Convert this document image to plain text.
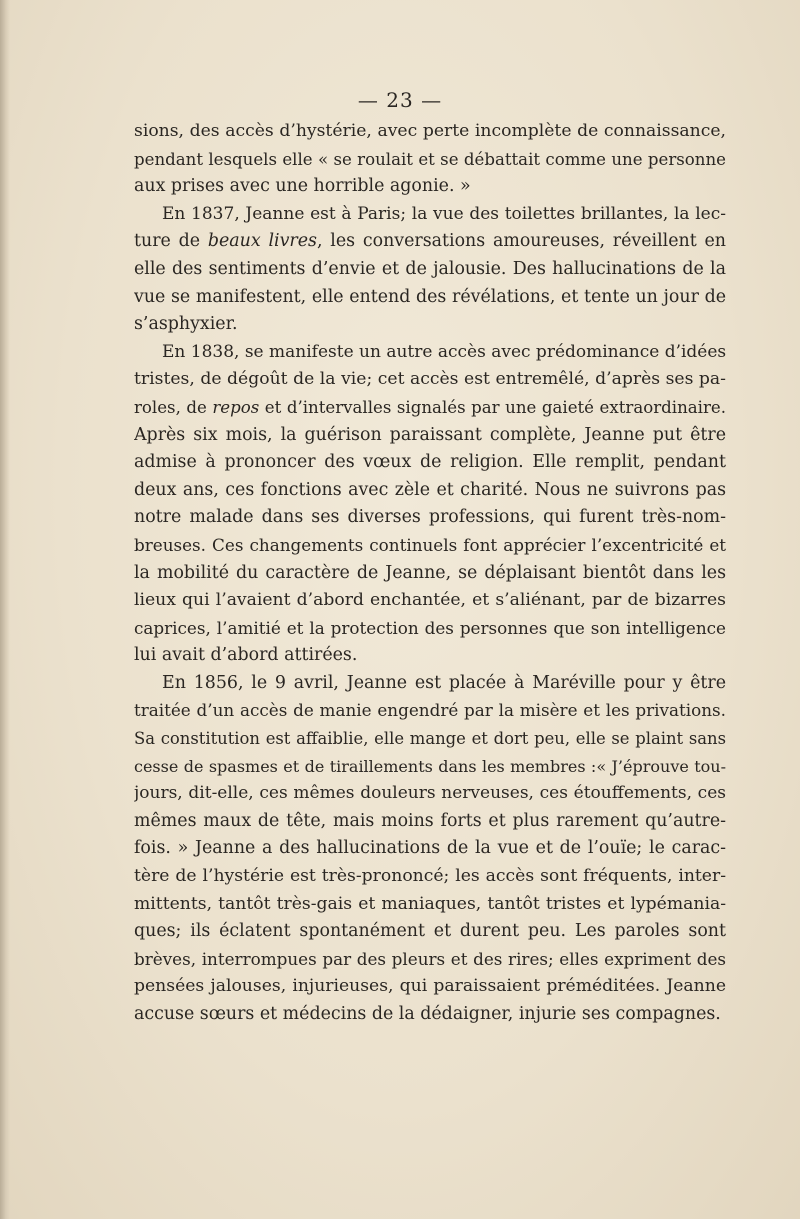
— 23 —
sions, des accès d’hystérie, avec perte incomplète de connaissance,
pendant lesquels elle « se roulait et se débattait comme une personne
aux prises avec une horrible agonie. »
En 1837, Jeanne est à Paris; la vue des toilettes brillantes, la lec-
ture de beaux livres, les conversations amoureuses, réveillent en
elle des sentiments d’envie et de jalousie. Des hallucinations de la
vue se manifestent, elle entend des révélations, et tente un jour de
s’asphyxier.
En 1838, se manifeste un autre accès avec prédominance d’idées
tristes, de dégoût de la vie; cet accès est entremêlé, d’après ses pa-
roles, de repos et d’intervalles signalés par une gaieté extraordinaire.
Après six mois, la guérison paraissant complète, Jeanne put être
admise à prononcer des vœux de religion. Elle remplit, pendant
deux ans, ces fonctions avec zèle et charité. Nous ne suivrons pas
notre malade dans ses diverses professions, qui furent très-nom-
breuses. Ces changements continuels font apprécier l’excentricité et
la mobilité du caractère de Jeanne, se déplaisant bientôt dans les
lieux qui l’avaient d’abord enchantée, et s’aliénant, par de bizarres
caprices, l’amitié et la protection des personnes que son intelligence
lui avait d’abord attirées.
En 1856, le 9 avril, Jeanne est placée à Maréville pour y être
traitée d’un accès de manie engendré par la misère et les privations.
Sa constitution est affaiblie, elle mange et dort peu, elle se plaint sans
cesse de spasmes et de tiraillements dans les membres :« J’éprouve tou-
jours, dit-elle, ces mêmes douleurs nerveuses, ces étouffements, ces
mêmes maux de tête, mais moins forts et plus rarement qu’autre-
fois. » Jeanne a des hallucinations de la vue et de l’ouïe; le carac-
tère de l’hystérie est très-prononcé; les accès sont fréquents, inter-
mittents, tantôt très-gais et maniaques, tantôt tristes et lypémania-
ques; ils éclatent spontanément et durent peu. Les paroles sont
brèves, interrompues par des pleurs et des rires; elles expriment des
pensées jalouses, injurieuses, qui paraissaient préméditées. Jeanne
accuse sœurs et médecins de la dédaigner, injurie ses compagnes.
